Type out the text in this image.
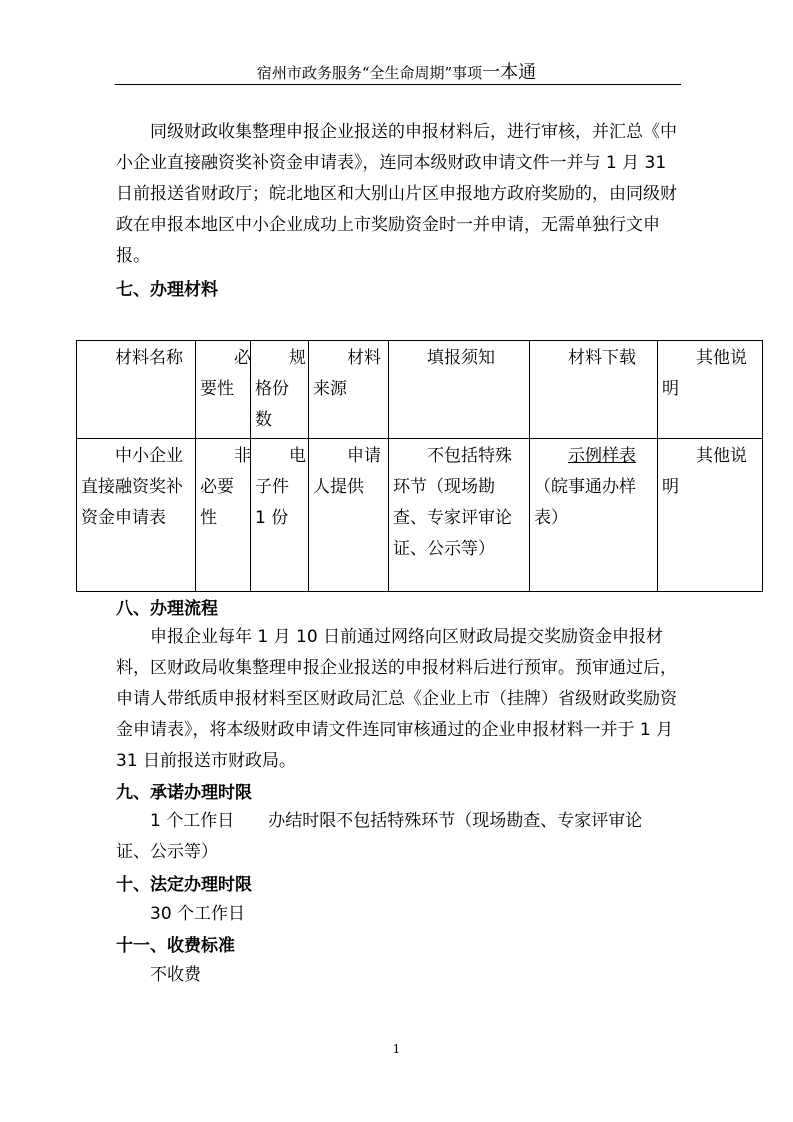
宿州市政务服务“全生命周期”事项一本通

同级财政收集整理申报企业报送的申报材料后，进行审核，并汇总《中小企业直接融资奖补资金申请表》，连同本级财政申请文件一并与 1 月 31 日前报送省财政厅；皖北地区和大别山片区申报地方政府奖励的，由同级财政在申报本地区中小企业成功上市奖励资金时一并申请，无需单独行文申报。

七、办理材料

材料名称	必要性	规格份数	材料来源	填报须知	材料下载	其他说明
中小企业直接融资奖补资金申请表	非必要性	电子件 1 份	申请人提供	不包括特殊环节（现场勘查、专家评审论证、公示等）	示例样表（皖事通办样表）	其他说明

八、办理流程

申报企业每年 1 月 10 日前通过网络向区财政局提交奖励资金申报材料，区财政局收集整理申报企业报送的申报材料后进行预审。预审通过后，申请人带纸质申报材料至区财政局汇总《企业上市（挂牌）省级财政奖励资金申请表》，将本级财政申请文件连同审核通过的企业申报材料一并于 1 月 31 日前报送市财政局。

九、承诺办理时限

1 个工作日　　办结时限不包括特殊环节（现场勘查、专家评审论

证、公示等）

十、法定办理时限

30 个工作日

十一、收费标准

不收费

1
